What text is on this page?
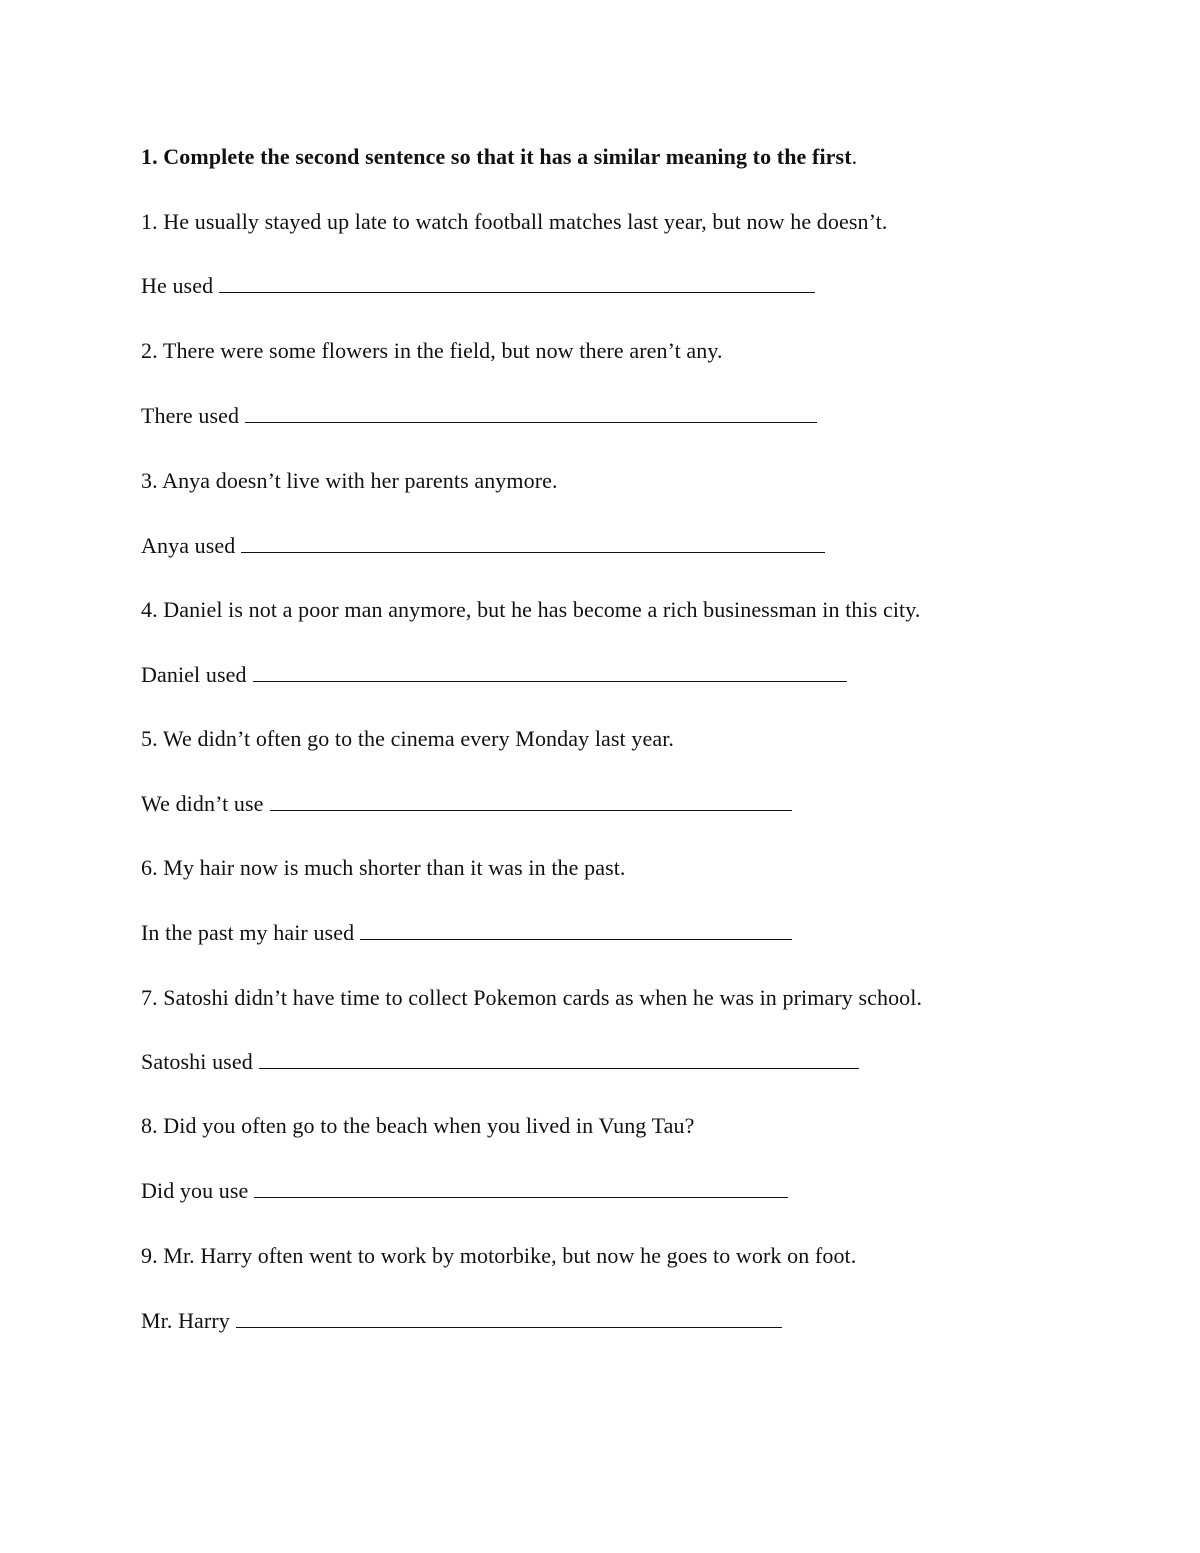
1. Complete the second sentence so that it has a similar meaning to the first.
1. He usually stayed up late to watch football matches last year, but now he doesn’t.
He used
2. There were some flowers in the field, but now there aren’t any.
There used
3. Anya doesn’t live with her parents anymore.
Anya used
4. Daniel is not a poor man anymore, but he has become a rich businessman in this city.
Daniel used
5. We didn’t often go to the cinema every Monday last year.
We didn’t use
6. My hair now is much shorter than it was in the past.
In the past my hair used
7. Satoshi didn’t have time to collect Pokemon cards as when he was in primary school.
Satoshi used
8. Did you often go to the beach when you lived in Vung Tau?
Did you use
9. Mr. Harry often went to work by motorbike, but now he goes to work on foot.
Mr. Harry
